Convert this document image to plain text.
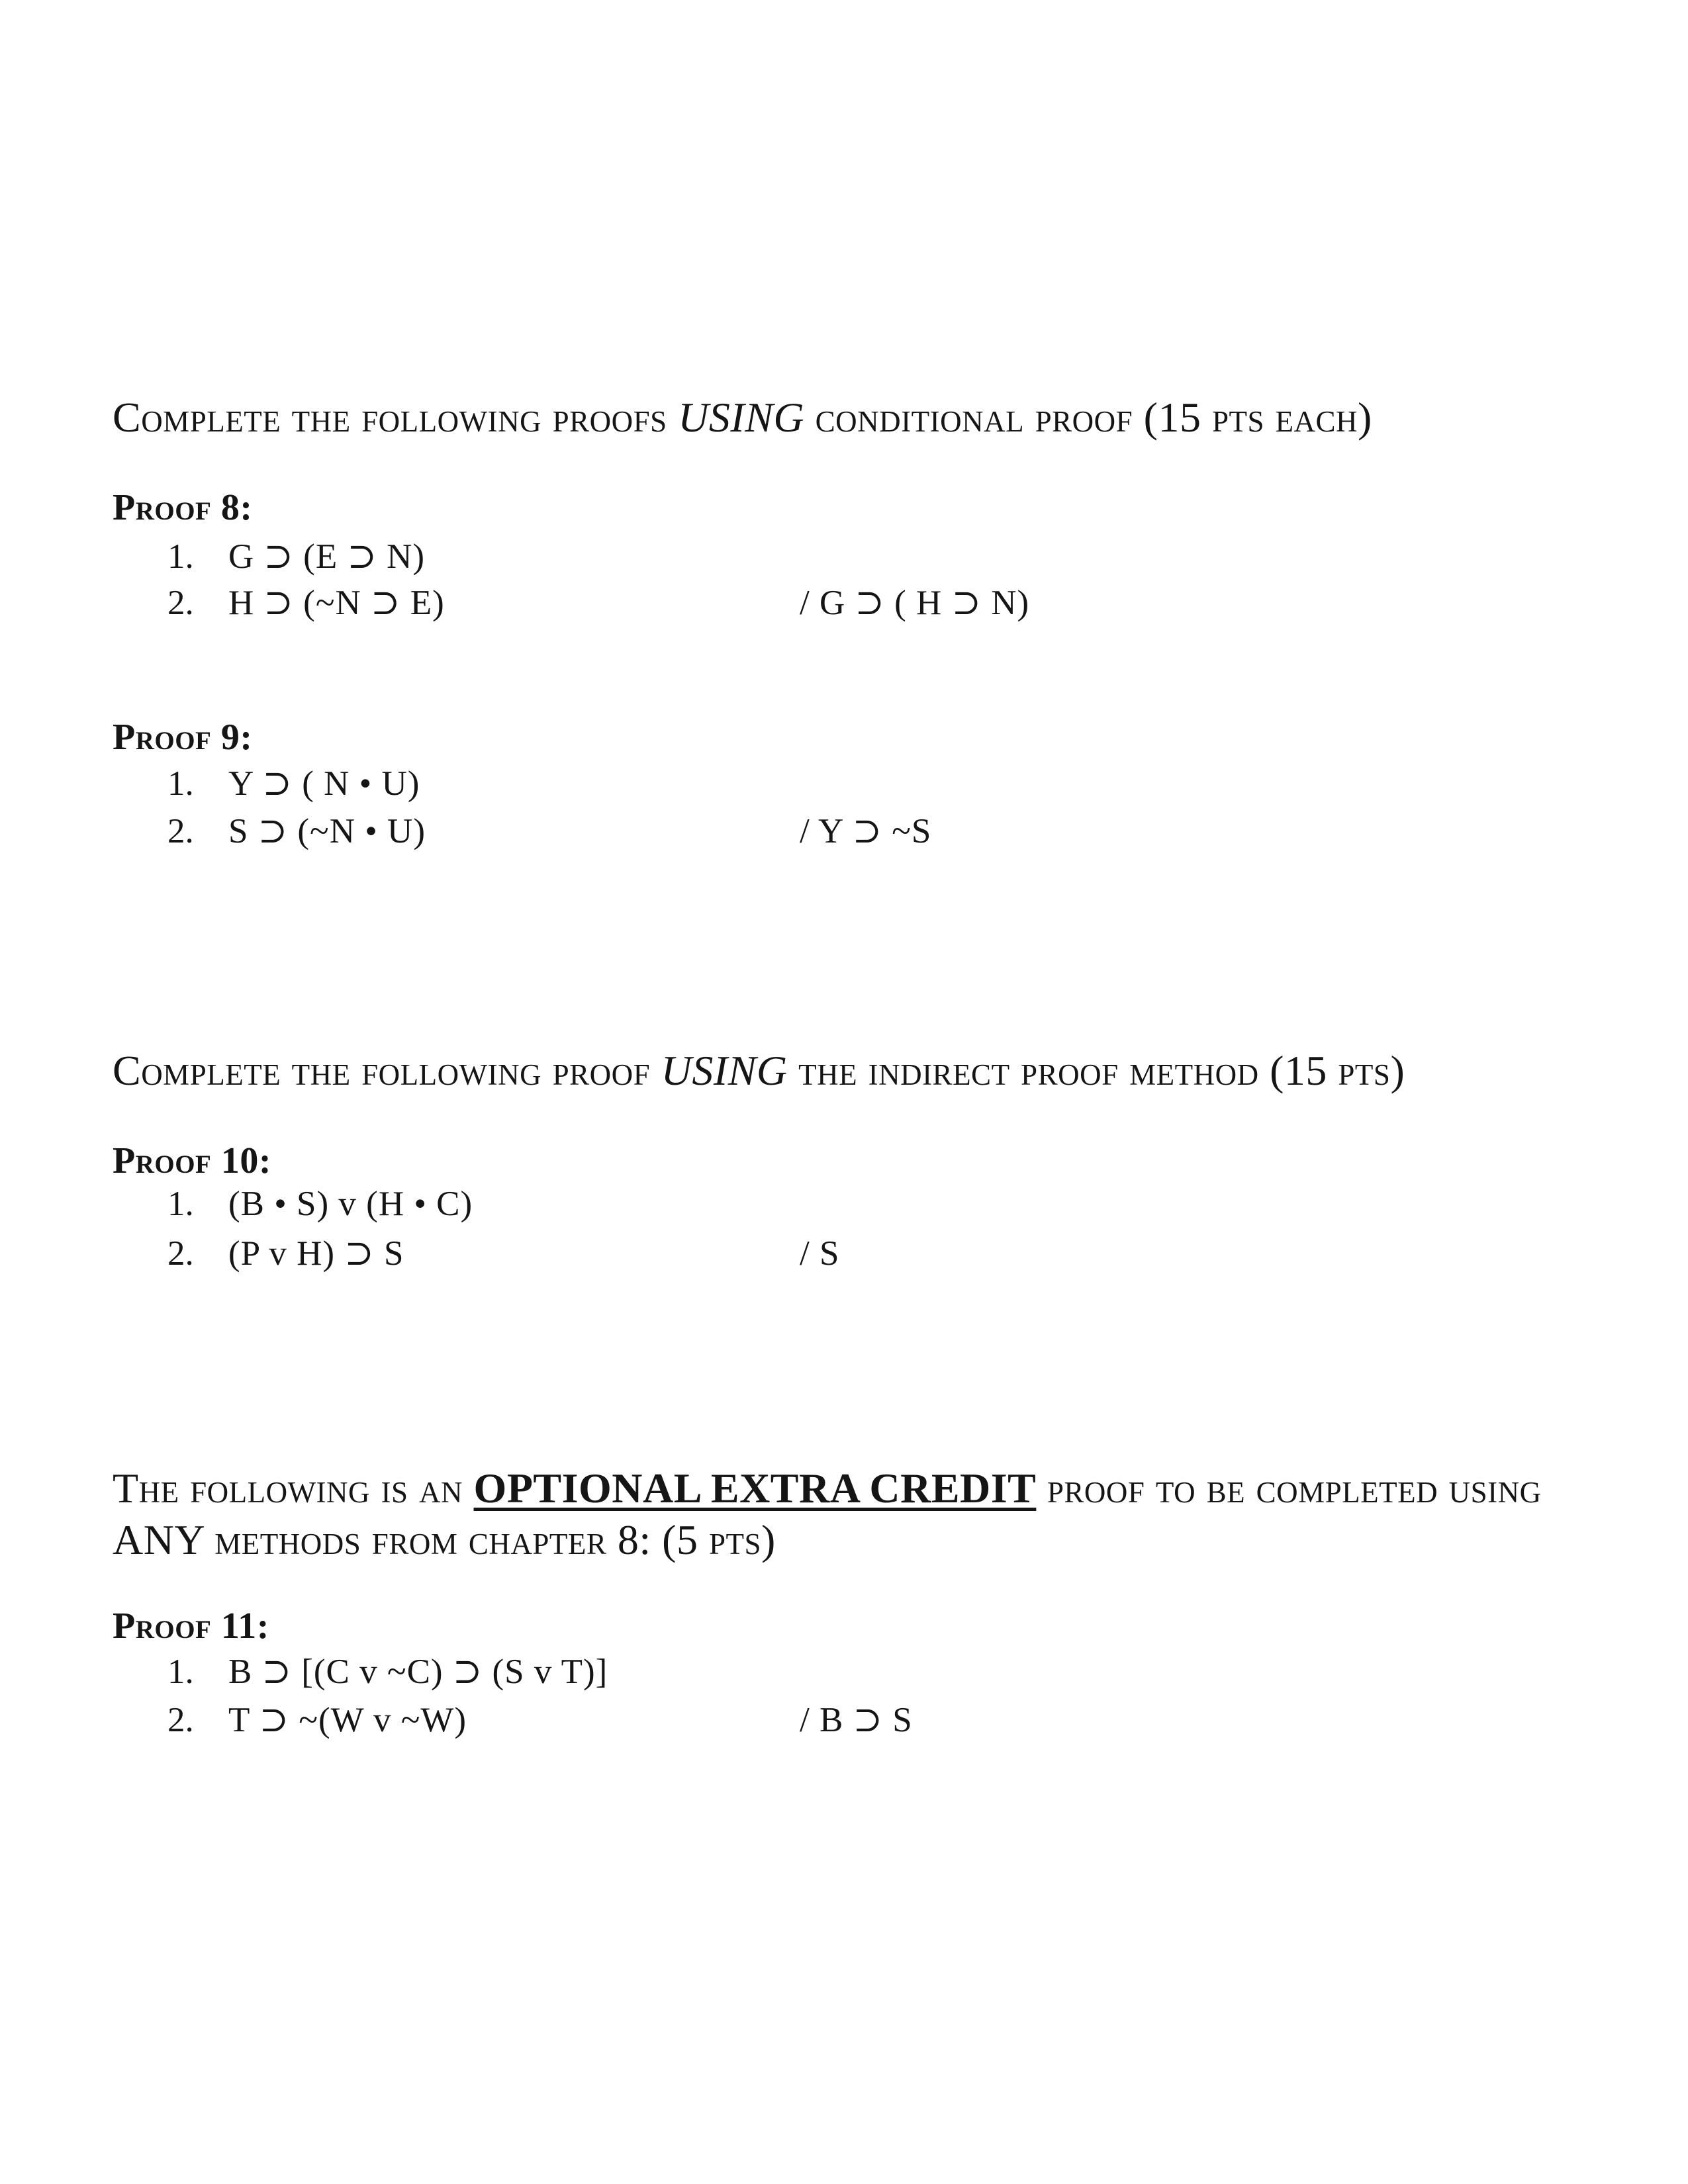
Complete the following proofs USING conditional proof (15 pts each)
Proof 8:
1. G ⊃ (E ⊃ N)
2. H ⊃ (~N ⊃ E)	/ G ⊃ ( H ⊃ N)
Proof 9:
1. Y ⊃ ( N • U)
2. S ⊃ (~N • U)	/ Y ⊃ ~S
Complete the following proof USING the indirect proof method (15 pts)
Proof 10:
1. (B • S) v (H • C)
2. (P v H) ⊃ S	/ S
The following is an OPTIONAL EXTRA CREDIT proof to be completed using
ANY methods from chapter 8: (5 pts)
Proof 11:
1. B ⊃ [(C v ~C) ⊃ (S v T)]
2. T ⊃ ~(W v ~W)	/ B ⊃ S
